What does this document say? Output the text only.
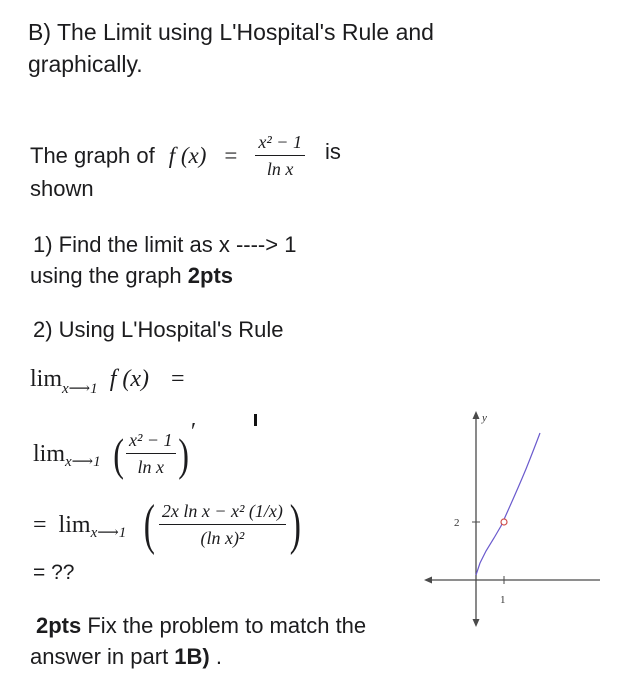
B) The Limit using L'Hospital's Rule and graphically.
The graph of f $(x) = \frac{\text{x² − 1}}{\text{ln x}}$ is
shown
1) Find the limit as x ----> 1
using the graph 2pts
2) Using L'Hospital's Rule
$\lim_{x⟶1} f$ (x) =
lim x⟶1 ( $\frac{\text{x² − 1}}{\text{ln x}}$ ) ′
= lim x⟶1 ( $\frac{\text{2x ln x − x² (1/x)}}{\text{(ln x)²}}$ )
= ??
2pts Fix the problem to match the
answer in part 1B) .
y
2
1
